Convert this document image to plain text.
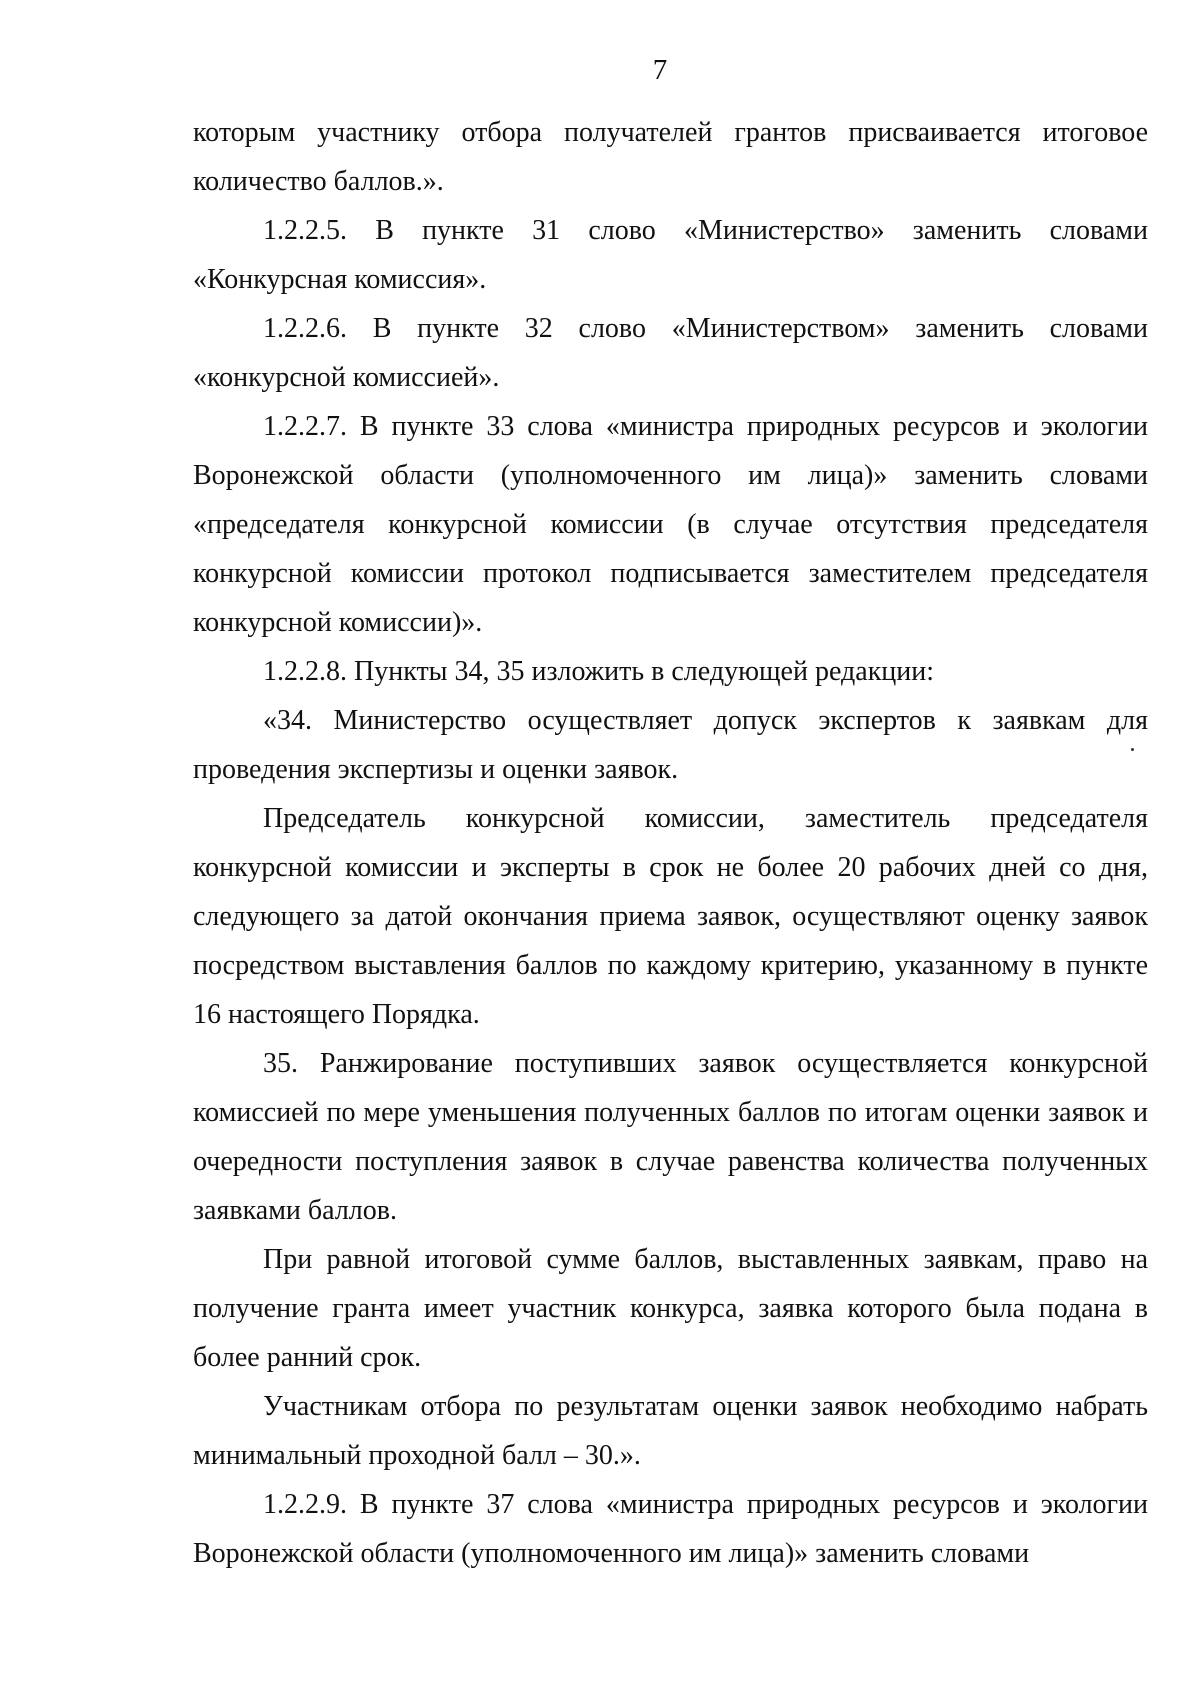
7

которым участнику отбора получателей грантов присваивается итоговое количество баллов.».

1.2.2.5. В пункте 31 слово «Министерство» заменить словами «Конкурсная комиссия».

1.2.2.6. В пункте 32 слово «Министерством» заменить словами «конкурсной комиссией».

1.2.2.7. В пункте 33 слова «министра природных ресурсов и экологии Воронежской области (уполномоченного им лица)» заменить словами «председателя конкурсной комиссии (в случае отсутствия председателя конкурсной комиссии протокол подписывается заместителем председателя конкурсной комиссии)».

1.2.2.8. Пункты 34, 35 изложить в следующей редакции:

«34. Министерство осуществляет допуск экспертов к заявкам для проведения экспертизы и оценки заявок.

Председатель конкурсной комиссии, заместитель председателя конкурсной комиссии и эксперты в срок не более 20 рабочих дней со дня, следующего за датой окончания приема заявок, осуществляют оценку заявок посредством выставления баллов по каждому критерию, указанному в пункте 16 настоящего Порядка.

35. Ранжирование поступивших заявок осуществляется конкурсной комиссией по мере уменьшения полученных баллов по итогам оценки заявок и очередности поступления заявок в случае равенства количества полученных заявками баллов.

При равной итоговой сумме баллов, выставленных заявкам, право на получение гранта имеет участник конкурса, заявка которого была подана в более ранний срок.

Участникам отбора по результатам оценки заявок необходимо набрать минимальный проходной балл – 30.».

1.2.2.9. В пункте 37 слова «министра природных ресурсов и экологии Воронежской области (уполномоченного им лица)» заменить словами
